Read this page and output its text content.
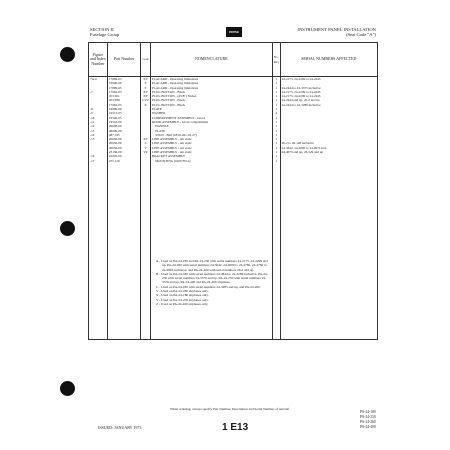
SECTION II
Fuselage Group
PIPER	INSTRUMENT PANEL INSTALLATION
(Seat Code "A")
Figure and Index Number	Part Number	Code	NOMENCLATURE	No. Req	SERIAL NUMBERS AFFECTED
7A-6	17899-03	XY	PLACARD - Operating limitations	1	24-2175, 24-2299 to 24-2443
	19940-00	Z	PLACARD - Operating limitations	1	
	17899-05	Y	PLACARD - Operating limitations	1	24-2444 to 24-3375 inclusive
-7	17962-03	XY	PLUG BUTTON - Black	1	24-2175, 24-2299 to 24-2443
	453 661	XY	PLUG BUTTON - (#5/8") Nickel	1	24-2175, 24-2299 to 24-2443
	453 688	CYZ	PLUG BUTTON - Black	1	24-2444 and up, 26-2 and up
	17962-03	X	PLUG BUTTON - Black	1	24-2444 to 24-3286 inclusive
-8	19099-00		PLATE	1	
-9	19513-03		WASHER	4	
-10	19540-05		COMPARTMENT ASSEMBLY - Glove	1	
-11	19543-00		DOOR ASSEMBLY - Glove compartment	1	
-12	20098-00		HANDLE	1	
-13	20099-00		PLATE	1	
-14	487 545		STUD - Ball (#F16-421-16-27)	1	
-15	20650-00	XY	LINE ASSEMBLY - Air static	1	
	20650-00	Z	LINE ASSEMBLY - Air static	1	26-2 to 26-128 inclusive
	20650-00	V	LINE ASSEMBLY - Air static	1	24-3642, 24-4000 to 24-4972 incl.
	23136-00	VZ	LINE ASSEMBLY - Air static	1	24-4073 and up, 26-129 and up
-16	22005-00		BRACKET ASSEMBLY	1	
-17	475 126		MOUNTING (#100 FD-4)	1	

A - Used on PA-24-180 and PA-24-250 with serial numbers 24-2175, 24-2299 and up, PA-24-260 with serial numbers 24-3642, 24-4000 to 24-4782, 24-4784 to 24-4803 inclusive, and PA-24-400 with serial numbers 26-2 and up.
B - Used on PA-24-180 with serial numbers 24-2844 to 24-3286 inclusive, PA-24-250 with serial numbers 24-3376 and up, PA-24-250 with serial numbers 24-3376 and up, PA-24-400 and PA-24-260 airplanes.
C - Used on PA-24-180 with serial numbers 24-3285 and up, and PA-24-260.
V - Used on PA-24-260 airplanes only.
X - Used on PA-24-180 airplanes only.
Y - Used on PA-24-250 airplanes only.
Z - Used on PA-24-400 airplanes only.
When ordering, always specify Part Number, Description and Serial Number of Aircraft
ISSUED: JANUARY 1973	1 E13
PA-24-180
PA-24-250
PA-24-260
PA-24-400
